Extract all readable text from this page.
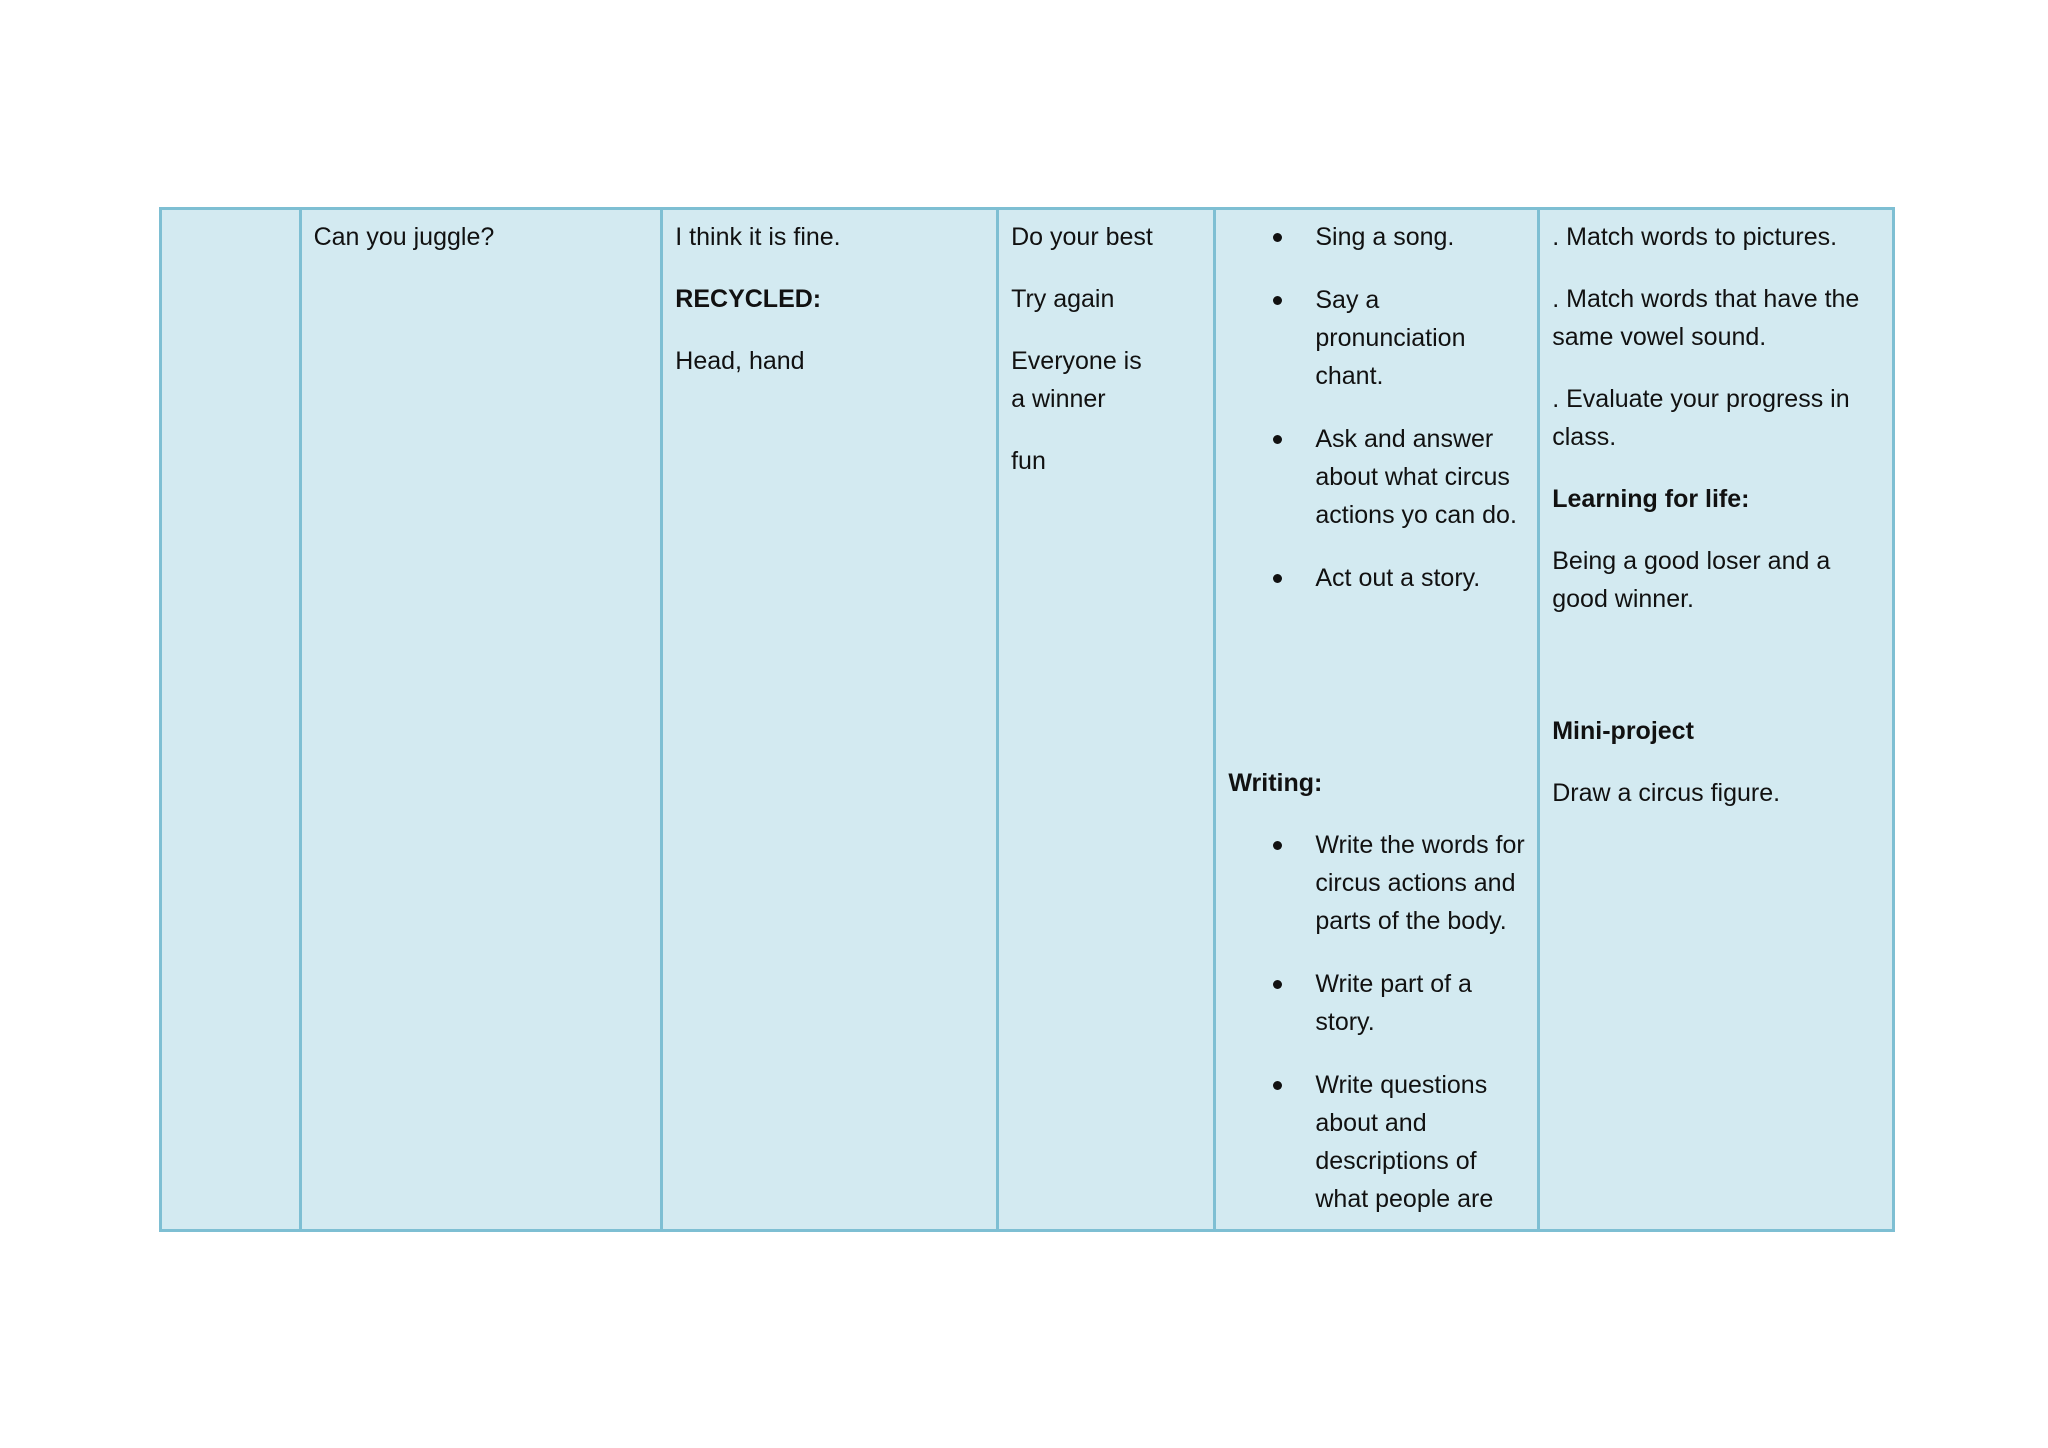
Can you juggle?	I think it is fine.

RECYCLED:

Head, hand

Do your best

Try again

Everyone is a winner

fun

Sing a song.
Say a pronunciation chant.
Ask and answer about what circus actions yo can do.
Act out a story.

Writing:

Write the words for circus actions and parts of the body.
Write part of a story.
Write questions about and descriptions of what people are

. Match words to pictures.

. Match words that have the same vowel sound.

. Evaluate your progress in class.

Learning for life:

Being a good loser and a good winner.

Mini-project

Draw a circus figure.
